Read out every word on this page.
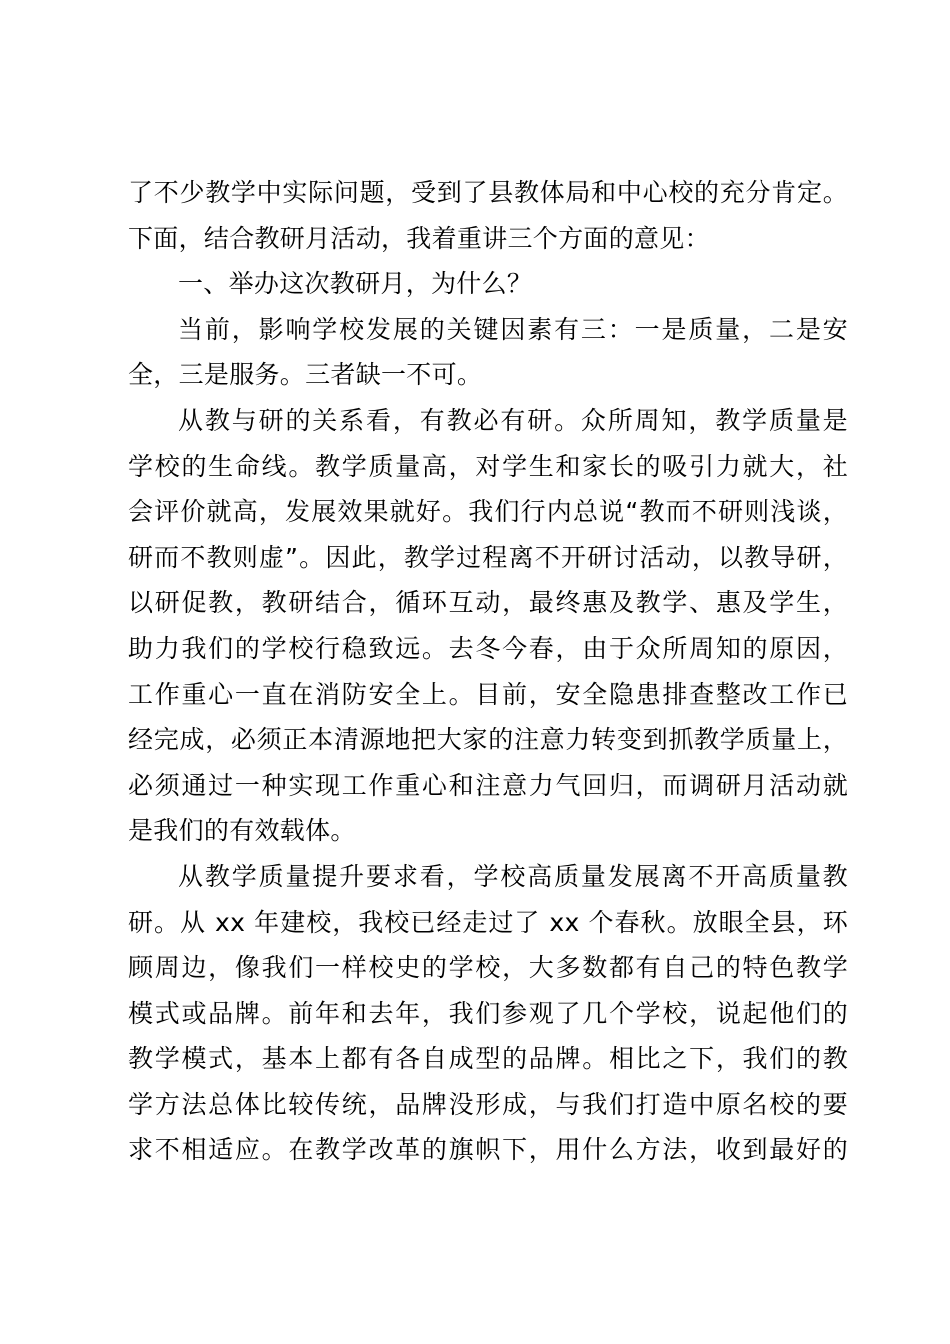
了不少教学中实际问题，受到了县教体局和中心校的充分肯定。
下面，结合教研月活动，我着重讲三个方面的意见：
一、举办这次教研月，为什么？
当前，影响学校发展的关键因素有三：一是质量，二是安
全，三是服务。三者缺一不可。
从教与研的关系看，有教必有研。众所周知，教学质量是
学校的生命线。教学质量高，对学生和家长的吸引力就大，社
会评价就高，发展效果就好。我们行内总说“教而不研则浅谈，
研而不教则虚”。因此，教学过程离不开研讨活动，以教导研，
以研促教，教研结合，循环互动，最终惠及教学、惠及学生，
助力我们的学校行稳致远。去冬今春，由于众所周知的原因，
工作重心一直在消防安全上。目前，安全隐患排查整改工作已
经完成，必须正本清源地把大家的注意力转变到抓教学质量上，
必须通过一种实现工作重心和注意力气回归，而调研月活动就
是我们的有效载体。
从教学质量提升要求看，学校高质量发展离不开高质量教
研。从 xx 年建校，我校已经走过了 xx 个春秋。放眼全县，环
顾周边，像我们一样校史的学校，大多数都有自己的特色教学
模式或品牌。前年和去年，我们参观了几个学校，说起他们的
教学模式，基本上都有各自成型的品牌。相比之下，我们的教
学方法总体比较传统，品牌没形成，与我们打造中原名校的要
求不相适应。在教学改革的旗帜下，用什么方法，收到最好的
